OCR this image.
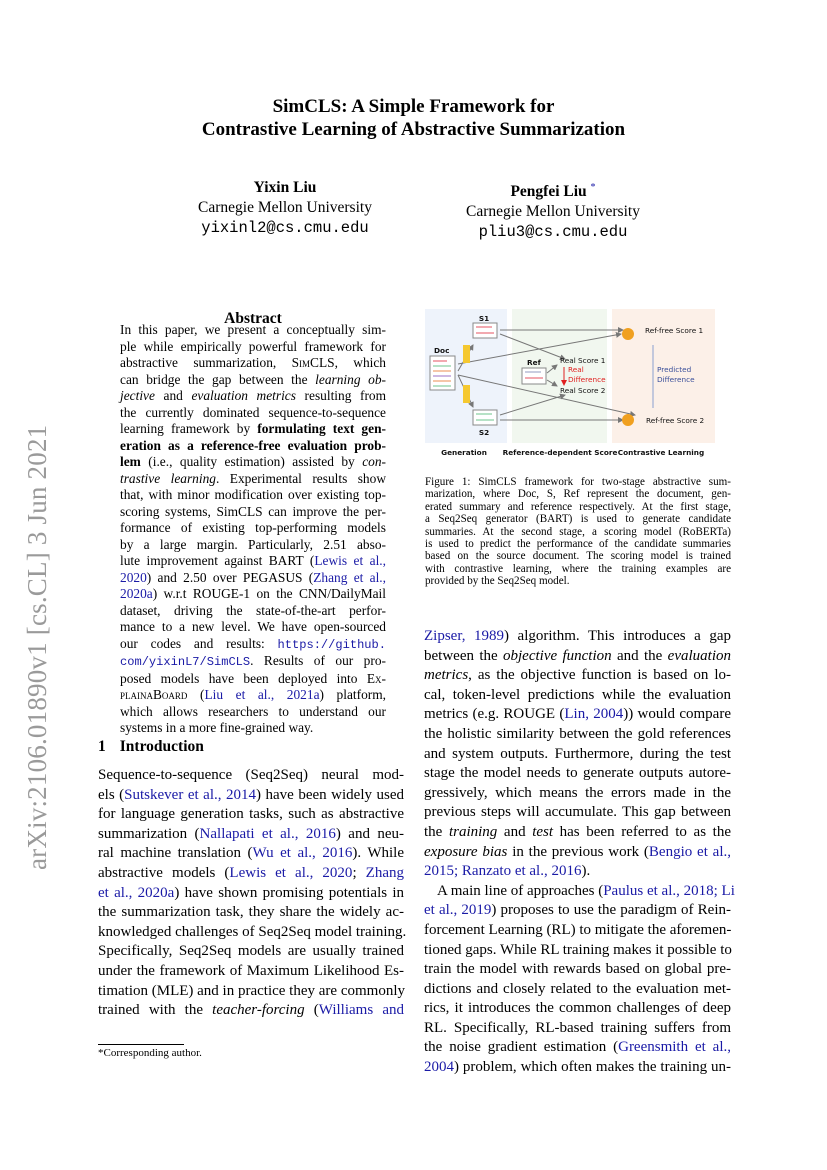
arXiv:2106.01890v1 [cs.CL] 3 Jun 2021
SimCLS: A Simple Framework for
Contrastive Learning of Abstractive Summarization
Yixin Liu
Carnegie Mellon University
yixinl2@cs.cmu.edu
Pengfei Liu *
Carnegie Mellon University
pliu3@cs.cmu.edu
Abstract
In this paper, we present a conceptually sim-
ple while empirically powerful framework for
abstractive summarization, SimCLS, which
can bridge the gap between the learning ob-
jective and evaluation metrics resulting from
the currently dominated sequence-to-sequence
learning framework by formulating text gen-
eration as a reference-free evaluation prob-
lem (i.e., quality estimation) assisted by con-
trastive learning. Experimental results show
that, with minor modification over existing top-
scoring systems, SimCLS can improve the per-
formance of existing top-performing models
by a large margin. Particularly, 2.51 abso-
lute improvement against BART (Lewis et al.,
2020) and 2.50 over PEGASUS (Zhang et al.,
2020a) w.r.t ROUGE-1 on the CNN/DailyMail
dataset, driving the state-of-the-art perfor-
mance to a new level. We have open-sourced
our codes and results: https://github.
com/yixinL7/SimCLS. Results of our pro-
posed models have been deployed into Ex-
plainaBoard (Liu et al., 2021a) platform,
which allows researchers to understand our
systems in a more fine-grained way.
1 Introduction
Sequence-to-sequence (Seq2Seq) neural mod-
els (Sutskever et al., 2014) have been widely used
for language generation tasks, such as abstractive
summarization (Nallapati et al., 2016) and neu-
ral machine translation (Wu et al., 2016). While
abstractive models (Lewis et al., 2020; Zhang
et al., 2020a) have shown promising potentials in
the summarization task, they share the widely ac-
knowledged challenges of Seq2Seq model training.
Specifically, Seq2Seq models are usually trained
under the framework of Maximum Likelihood Es-
timation (MLE) and in practice they are commonly
trained with the teacher-forcing (Williams and
*Corresponding author.
S1
S2
Doc
Ref	Real Score 1
Real Score 2
Real
Difference
Ref-free Score 1
Ref-free Score 2
Predicted
Difference
Generation Reference-dependent Score Contrastive Learning
Figure 1: SimCLS framework for two-stage abstractive sum-
marization, where Doc, S, Ref represent the document, gen-
erated summary and reference respectively. At the first stage,
a Seq2Seq generator (BART) is used to generate candidate
summaries. At the second stage, a scoring model (RoBERTa)
is used to predict the performance of the candidate summaries
based on the source document. The scoring model is trained
with contrastive learning, where the training examples are
provided by the Seq2Seq model.
Zipser, 1989) algorithm. This introduces a gap
between the objective function and the evaluation
metrics, as the objective function is based on lo-
cal, token-level predictions while the evaluation
metrics (e.g. ROUGE (Lin, 2004)) would compare
the holistic similarity between the gold references
and system outputs. Furthermore, during the test
stage the model needs to generate outputs autore-
gressively, which means the errors made in the
previous steps will accumulate. This gap between
the training and test has been referred to as the
exposure bias in the previous work (Bengio et al.,
2015; Ranzato et al., 2016).
A main line of approaches (Paulus et al., 2018; Li
et al., 2019) proposes to use the paradigm of Rein-
forcement Learning (RL) to mitigate the aforemen-
tioned gaps. While RL training makes it possible to
train the model with rewards based on global pre-
dictions and closely related to the evaluation met-
rics, it introduces the common challenges of deep
RL. Specifically, RL-based training suffers from
the noise gradient estimation (Greensmith et al.,
2004) problem, which often makes the training un-
